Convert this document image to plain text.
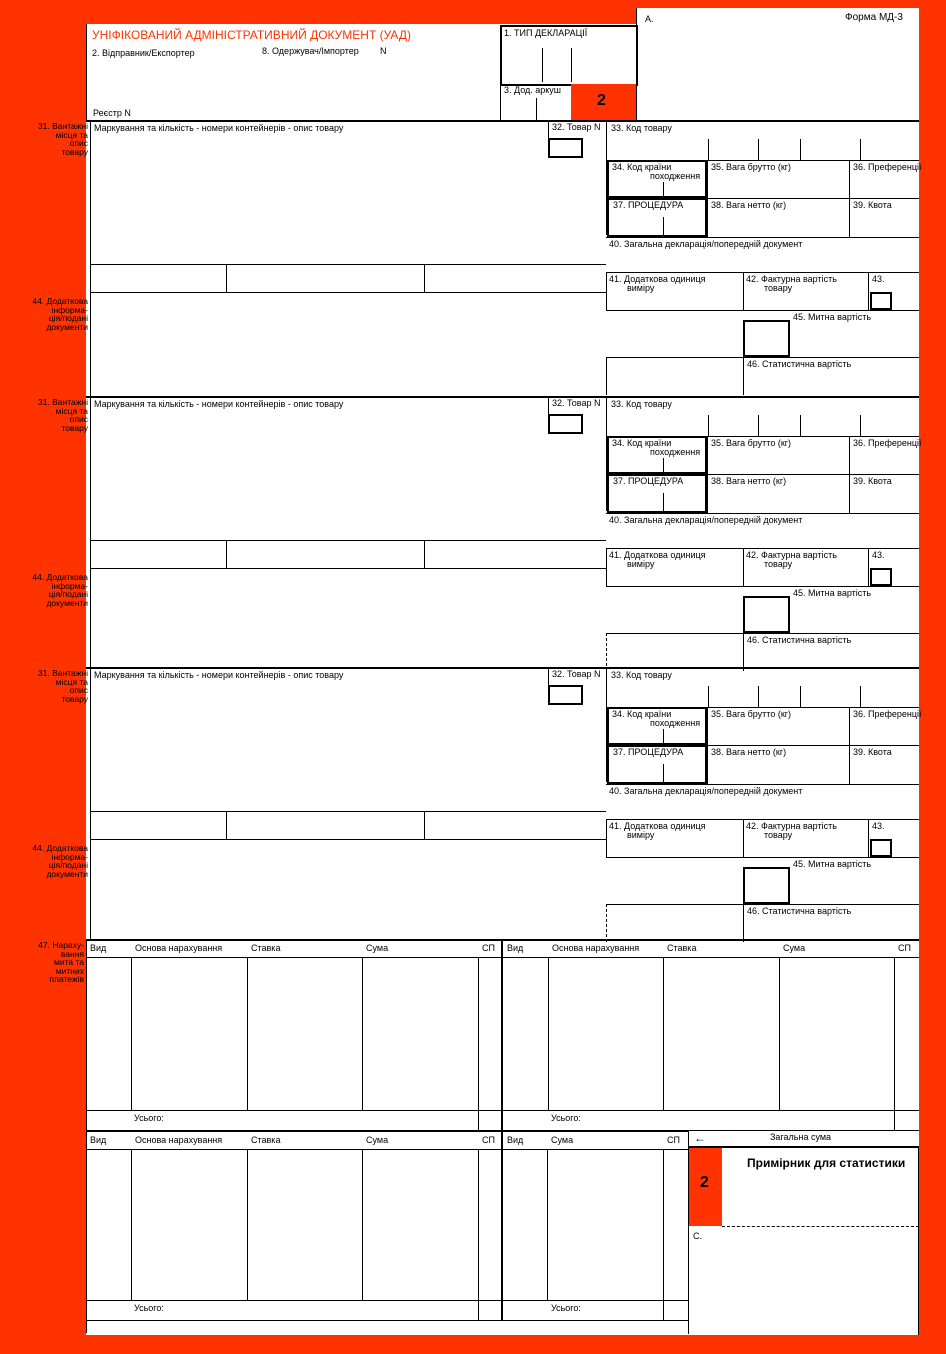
УНІФІКОВАНИЙ АДМІНІСТРАТИВНИЙ ДОКУМЕНТ (УАД)
Форма МД-3
А.
2. Відправник/Експортер	8. Одержувач/Імпортер N
Реєстр N
1. ТИП ДЕКЛАРАЦІЇ
3. Дод. аркуш
2
2
Примірник для статистики
←	Загальна сума
С.
31. Вантажні
місця та
опис
товару
44. Додаткова
інформа-
ція/подані
документи
Маркування та кількість - номери контейнерів - опис товару	32. Товар N 33. Код товару
34. Код країни
походження
35. Вага брутто (кг)	36. Преференції
37. ПРОЦЕДУРА	38. Вага нетто (кг)	39. Квота
40. Загальна декларація/попередній документ
41. Додаткова одиниця
виміру
42. Фактурна вартість
товару
43.
45. Митна вартість
46. Статистична вартість
31. Вантажні
місця та
опис
товару
44. Додаткова
інформа-
ція/подані
документи
Маркування та кількість - номери контейнерів - опис товару	32. Товар N 33. Код товару
34. Код країни
походження
35. Вага брутто (кг)	36. Преференції
37. ПРОЦЕДУРА	38. Вага нетто (кг)	39. Квота
40. Загальна декларація/попередній документ
41. Додаткова одиниця
виміру
42. Фактурна вартість
товару
43.
45. Митна вартість
46. Статистична вартість
31. Вантажні
місця та
опис
товару
44. Додаткова
інформа-
ція/подані
документи
Маркування та кількість - номери контейнерів - опис товару	32. Товар N 33. Код товару
34. Код країни
походження
35. Вага брутто (кг)	36. Преференції
37. ПРОЦЕДУРА	38. Вага нетто (кг)	39. Квота
40. Загальна декларація/попередній документ
41. Додаткова одиниця
виміру
42. Фактурна вартість
товару
43.
45. Митна вартість
46. Статистична вартість
47. Нараху-
вання
мита та
митних
платежів
Вид	Основа нарахування	Ставка	Сума	СП
Усього:
Вид	Основа нарахування	Ставка	Сума	СП
Усього:
Вид	Основа нарахування	Ставка	Сума	СП
Усього:
Вид	Сума	СП
Усього:
